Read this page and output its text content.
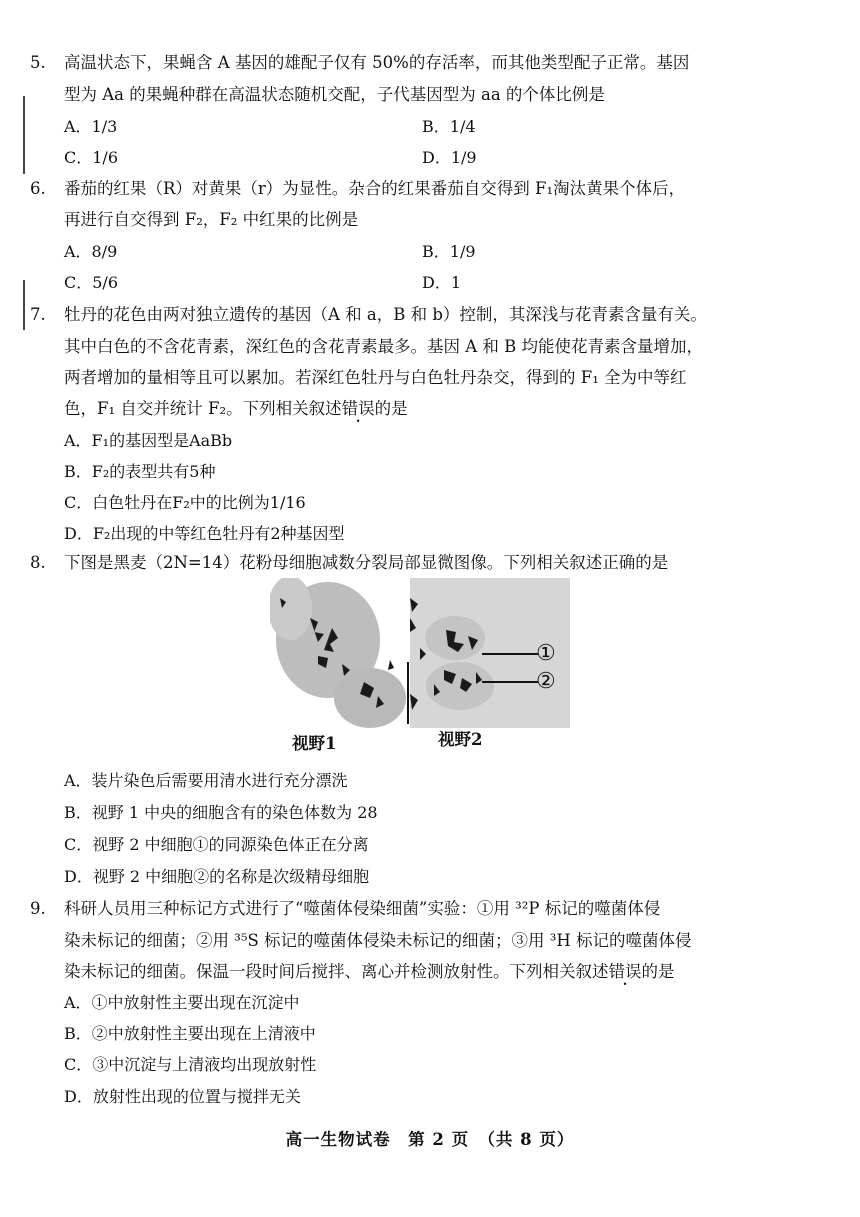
5. 高温状态下，果蝇含 A 基因的雄配子仅有 50%的存活率，而其他类型配子正常。基因
型为 Aa 的果蝇种群在高温状态随机交配，子代基因型为 aa 的个体比例是
A．1/3	B．1/4
C．1/6	D．1/9
6. 番茄的红果（R）对黄果（r）为显性。杂合的红果番茄自交得到 F₁淘汰黄果个体后，
再进行自交得到 F₂，F₂ 中红果的比例是
A．8/9	B．1/9
C．5/6	D．1
7. 牡丹的花色由两对独立遗传的基因（A 和 a，B 和 b）控制，其深浅与花青素含量有关。
其中白色的不含花青素，深红色的含花青素最多。基因 A 和 B 均能使花青素含量增加，
两者增加的量相等且可以累加。若深红色牡丹与白色牡丹杂交，得到的 F₁ 全为中等红
色，F₁ 自交并统计 F₂。下列相关叙述错误的是
A．F₁的基因型是AaBb
B．F₂的表型共有5种
C．白色牡丹在F₂中的比例为1/16
D．F₂出现的中等红色牡丹有2种基因型
8. 下图是黑麦（2N=14）花粉母细胞减数分裂局部显微图像。下列相关叙述正确的是
①
②
视野1	视野2
A．装片染色后需要用清水进行充分漂洗
B．视野 1 中央的细胞含有的染色体数为 28
C．视野 2 中细胞①的同源染色体正在分离
D．视野 2 中细胞②的名称是次级精母细胞
9. 科研人员用三种标记方式进行了“噬菌体侵染细菌”实验：①用 ³²P 标记的噬菌体侵
染未标记的细菌；②用 ³⁵S 标记的噬菌体侵染未标记的细菌；③用 ³H 标记的噬菌体侵
染未标记的细菌。保温一段时间后搅拌、离心并检测放射性。下列相关叙述错误的是
A．①中放射性主要出现在沉淀中
B．②中放射性主要出现在上清液中
C．③中沉淀与上清液均出现放射性
D．放射性出现的位置与搅拌无关
高一生物试卷　第 2 页　（共 8 页）
